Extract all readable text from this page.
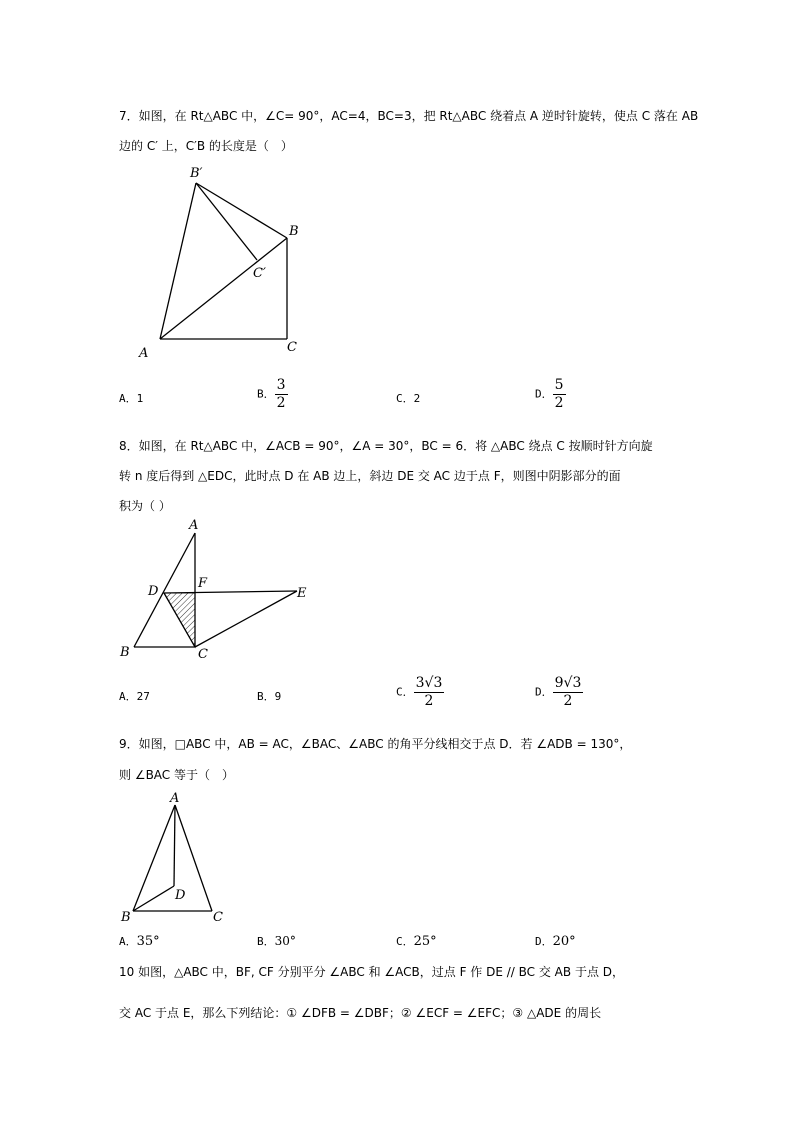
7．如图，在 Rt△ABC 中，∠C= 90°，AC=4，BC=3，把 Rt△ABC 绕着点 A 逆时针旋转，使点 C 落在 AB
边的 C′ 上，C′B 的长度是（　）
B′
B
C′
A	C
A．1	B． $\frac{3}{2}$	C．2	D． $\frac{5}{2}$
8．如图，在 Rt△ABC 中，∠ACB = 90°，∠A = 30°，BC = 6．将 △ABC 绕点 C 按顺时针方向旋
转 n 度后得到 △EDC，此时点 D 在 AB 边上，斜边 DE 交 AC 边于点 F，则图中阴影部分的面
积为（ ）
A
D
F
E
B	C
A．27	B．9	C． $\frac{3√3}{2}$	D． $\frac{9√3}{2}$
9．如图，□ABC 中，AB = AC，∠BAC、∠ABC 的角平分线相交于点 D．若 ∠ADB = 130°，
则 ∠BAC 等于（　）
A
D
B	C
A．35°	B．30°	C．25°	D．20°
10 如图，△ABC 中，BF, CF 分别平分 ∠ABC 和 ∠ACB，过点 F 作 DE // BC 交 AB 于点 D，
交 AC 于点 E，那么下列结论：① ∠DFB = ∠DBF；② ∠ECF = ∠EFC；③ △ADE 的周长
